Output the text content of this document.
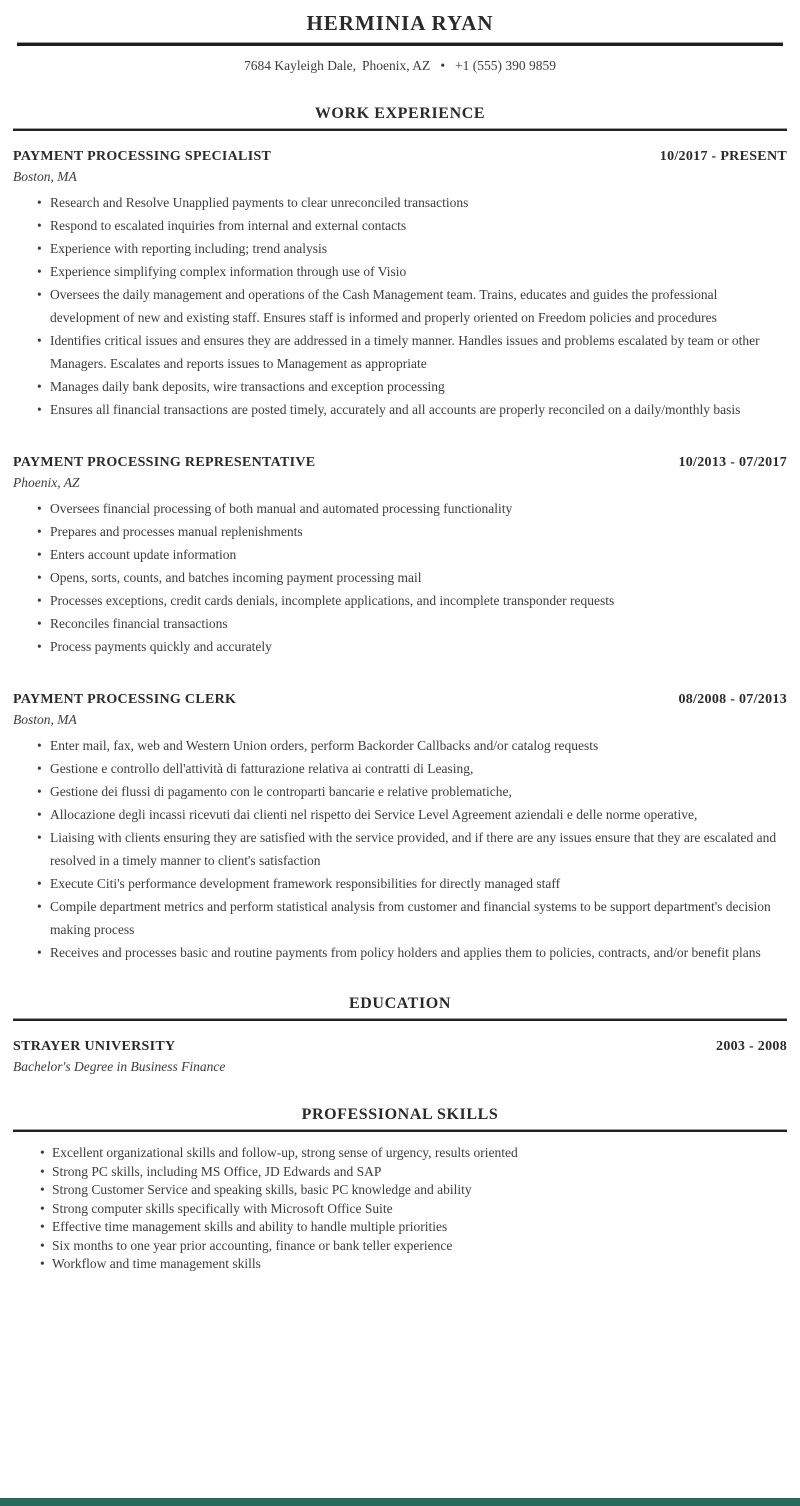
HERMINIA RYAN
7684 Kayleigh Dale, Phoenix, AZ • +1 (555) 390 9859
WORK EXPERIENCE
PAYMENT PROCESSING SPECIALIST	10/2017 - PRESENT
Boston, MA
• Research and Resolve Unapplied payments to clear unreconciled transactions
• Respond to escalated inquiries from internal and external contacts
• Experience with reporting including; trend analysis
• Experience simplifying complex information through use of Visio
• Oversees the daily management and operations of the Cash Management team. Trains, educates and guides the professional development of new and existing staff. Ensures staff is informed and properly oriented on Freedom policies and procedures
• Identifies critical issues and ensures they are addressed in a timely manner. Handles issues and problems escalated by team or other Managers. Escalates and reports issues to Management as appropriate
• Manages daily bank deposits, wire transactions and exception processing
• Ensures all financial transactions are posted timely, accurately and all accounts are properly reconciled on a daily/monthly basis
PAYMENT PROCESSING REPRESENTATIVE	10/2013 - 07/2017
Phoenix, AZ
• Oversees financial processing of both manual and automated processing functionality
• Prepares and processes manual replenishments
• Enters account update information
• Opens, sorts, counts, and batches incoming payment processing mail
• Processes exceptions, credit cards denials, incomplete applications, and incomplete transponder requests
• Reconciles financial transactions
• Process payments quickly and accurately
PAYMENT PROCESSING CLERK	08/2008 - 07/2013
Boston, MA
• Enter mail, fax, web and Western Union orders, perform Backorder Callbacks and/or catalog requests
• Gestione e controllo dell'attività di fatturazione relativa ai contratti di Leasing,
• Gestione dei flussi di pagamento con le controparti bancarie e relative problematiche,
• Allocazione degli incassi ricevuti dai clienti nel rispetto dei Service Level Agreement aziendali e delle norme operative,
• Liaising with clients ensuring they are satisfied with the service provided, and if there are any issues ensure that they are escalated and resolved in a timely manner to client's satisfaction
• Execute Citi's performance development framework responsibilities for directly managed staff
• Compile department metrics and perform statistical analysis from customer and financial systems to be support department's decision making process
• Receives and processes basic and routine payments from policy holders and applies them to policies, contracts, and/or benefit plans
EDUCATION
STRAYER UNIVERSITY	2003 - 2008
Bachelor's Degree in Business Finance
PROFESSIONAL SKILLS
• Excellent organizational skills and follow-up, strong sense of urgency, results oriented
• Strong PC skills, including MS Office, JD Edwards and SAP
• Strong Customer Service and speaking skills, basic PC knowledge and ability
• Strong computer skills specifically with Microsoft Office Suite
• Effective time management skills and ability to handle multiple priorities
• Six months to one year prior accounting, finance or bank teller experience
• Workflow and time management skills
